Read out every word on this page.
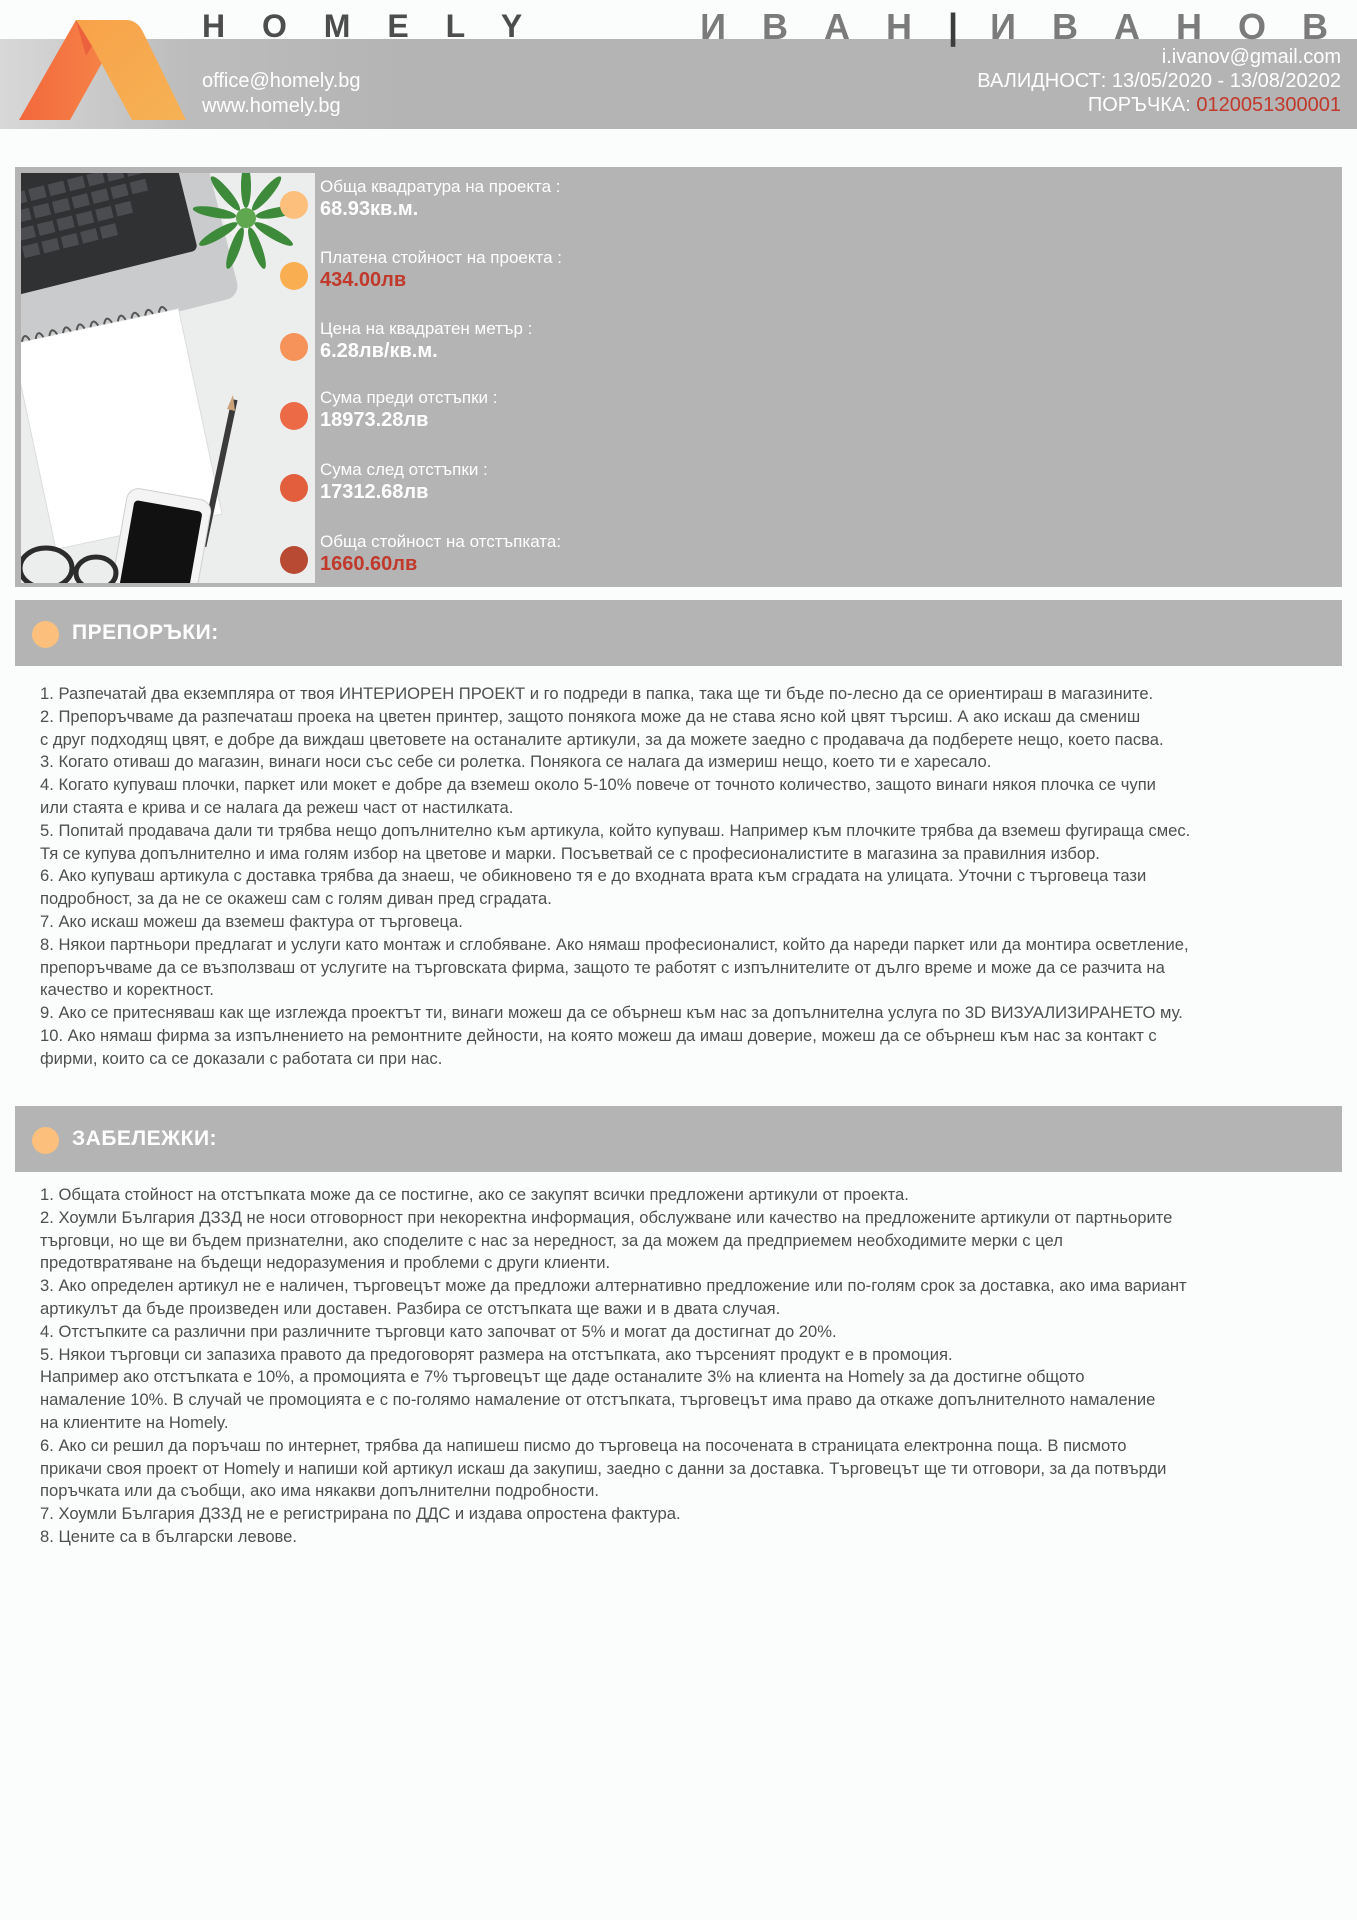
H O M E L Y
office@homely.bg
www.homely.bg
И В А Н | И В А Н О В
i.ivanov@gmail.com
ВАЛИДНОСТ: 13/05/2020 - 13/08/20202
ПОРЪЧКА: 0120051300001
Обща квадратура на проекта :
68.93кв.м.
Платена стойност на проекта :
434.00лв
Цена на квадратен метър :
6.28лв/кв.м.
Сума преди отстъпки :
18973.28лв
Сума след отстъпки :
17312.68лв
Обща стойност на отстъпката:
1660.60лв
ПРЕПОРЪКИ:
1. Разпечатай два екземпляра от твоя ИНТЕРИОРЕН ПРОЕКТ и го подреди в папка, така ще ти бъде по-лесно да се ориентираш в магазините.
2. Препоръчваме да разпечаташ проека на цветен принтер, защото понякога може да не става ясно кой цвят търсиш. А ако искаш да смениш
с друг подходящ цвят, е добре да виждаш цветовете на останалите артикули, за да можете заедно с продавача да подберете нещо, което пасва.
3. Когато отиваш до магазин, винаги носи със себе си ролетка. Понякога се налага да измериш нещо, което ти е харесало.
4. Когато купуваш плочки, паркет или мокет е добре да вземеш около 5-10% повече от точното количество, защото винаги някоя плочка се чупи
или стаята е крива и се налага да режеш част от настилката.
5. Попитай продавача дали ти трябва нещо допълнително към артикула, който купуваш. Например към плочките трябва да вземеш фугираща смес.
Тя се купува допълнително и има голям избор на цветове и марки. Посъветвай се с професионалистите в магазина за правилния избор.
6. Ако купуваш артикула с доставка трябва да знаеш, че обикновено тя е до входната врата към сградата на улицата. Уточни с търговеца тази
подробност, за да не се окажеш сам с голям диван пред сградата.
7. Ако искаш можеш да вземеш фактура от търговеца.
8. Някои партньори предлагат и услуги като монтаж и сглобяване. Ако нямаш професионалист, който да нареди паркет или да монтира осветление,
препоръчваме да се възползваш от услугите на търговската фирма, защото те работят с изпълнителите от дълго време и може да се разчита на
качество и коректност.
9. Ако се притесняваш как ще изглежда проектът ти, винаги можеш да се обърнеш към нас за допълнителна услуга по 3D ВИЗУАЛИЗИРАНЕТО му.
10. Ако нямаш фирма за изпълнението на ремонтните дейности, на която можеш да имаш доверие, можеш да се обърнеш към нас за контакт с
фирми, които са се доказали с работата си при нас.
ЗАБЕЛЕЖКИ:
1. Общата стойност на отстъпката може да се постигне, ако се закупят всички предложени артикули от проекта.
2. Хоумли България ДЗЗД не носи отговорност при некоректна информация, обслужване или качество на предложените артикули от партньорите
търговци, но ще ви бъдем признателни, ако споделите с нас за нередност, за да можем да предприемем необходимите мерки с цел
предотвратяване на бъдещи недоразумения и проблеми с други клиенти.
3. Ако определен артикул не е наличен, търговецът може да предложи алтернативно предложение или по-голям срок за доставка, ако има вариант
артикулът да бъде произведен или доставен. Разбира се отстъпката ще важи и в двата случая.
4. Отстъпките са различни при различните търговци като започват от 5% и могат да достигнат до 20%.
5. Някои търговци си запазиха правото да предоговорят размера на отстъпката, ако търсеният продукт е в промоция.
Например ако отстъпката е 10%, а промоцията е 7% търговецът ще даде останалите 3% на клиента на Homely за да достигне общото
намаление 10%. В случай че промоцията е с по-голямо намаление от отстъпката, търговецът има право да откаже допълнителното намаление
на клиентите на Homely.
6. Ако си решил да поръчаш по интернет, трябва да напишеш писмо до търговеца на посочената в страницата електронна поща. В писмото
прикачи своя проект от Homely и напиши кой артикул искаш да закупиш, заедно с данни за доставка. Търговецът ще ти отговори, за да потвърди
поръчката или да съобщи, ако има някакви допълнителни подробности.
7. Хоумли България ДЗЗД не е регистрирана по ДДС и издава опростена фактура.
8. Цените са в български левове.
